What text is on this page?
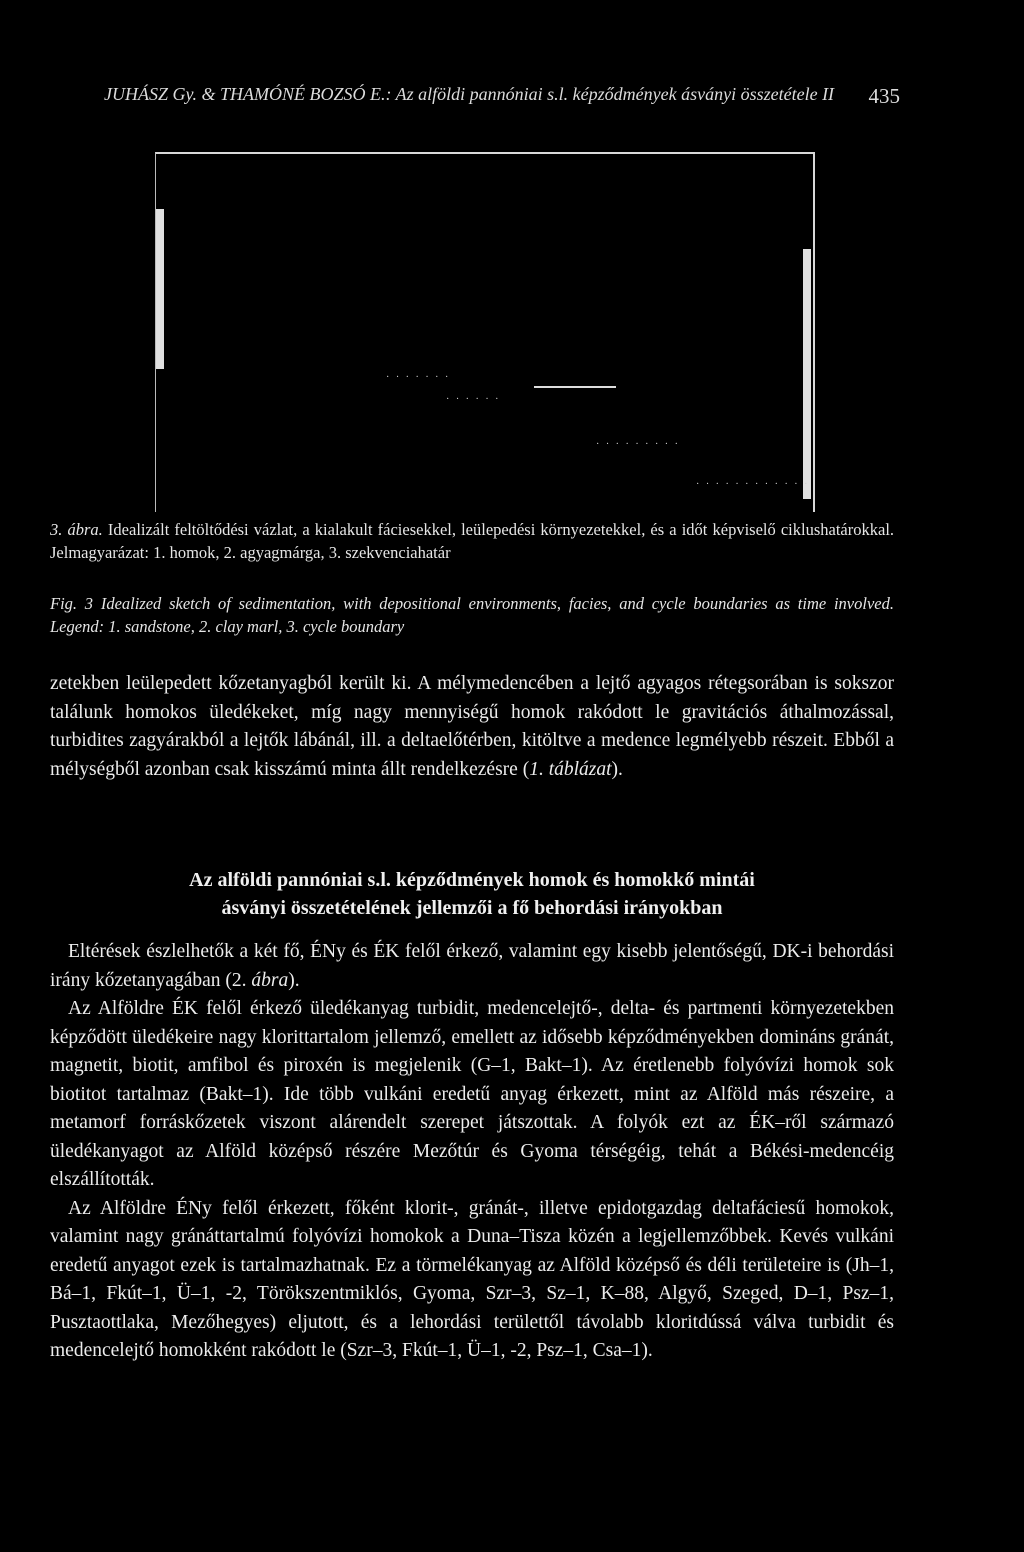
JUHÁSZ Gy. & THAMÓNÉ BOZSÓ E.: Az alföldi pannóniai s.l. képződmények ásványi összetétele II 435
· · · · · · ·
· · · · · ·
· · · · · · · · ·
· · · · · · · · · · · ·
3. ábra. Idealizált feltöltődési vázlat, a kialakult fáciesekkel, leülepedési környezetekkel, és a időt képviselő ciklushatárokkal. Jelmagyarázat: 1. homok, 2. agyagmárga, 3. szekvenciahatár
Fig. 3 Idealized sketch of sedimentation, with depositional environments, facies, and cycle boundaries as time involved. Legend: 1. sandstone, 2. clay marl, 3. cycle boundary
zetekben leülepedett kőzetanyagból került ki. A mélymedencében a lejtő agyagos rétegsorában is sokszor találunk homokos üledékeket, míg nagy mennyiségű homok rakódott le gravitációs áthalmozással, turbidites zagyárakból a lejtők lábánál, ill. a deltaelőtérben, kitöltve a medence legmélyebb részeit. Ebből a mélységből azonban csak kisszámú minta állt rendelkezésre (1. táblázat).
Az alföldi pannóniai s.l. képződmények homok és homokkő mintái
ásványi összetételének jellemzői a fő behordási irányokban

Eltérések észlelhetők a két fő, ÉNy és ÉK felől érkező, valamint egy kisebb jelentőségű, DK-i behordási irány kőzetanyagában (2. ábra).

Az Alföldre ÉK felől érkező üledékanyag turbidit, medencelejtő-, delta- és partmenti környezetekben képződött üledékeire nagy klorittartalom jellemző, emellett az idősebb képződményekben domináns gránát, magnetit, biotit, amfibol és piroxén is megjelenik (G–1, Bakt–1). Az éretlenebb folyóvízi homok sok biotitot tartalmaz (Bakt–1). Ide több vulkáni eredetű anyag érkezett, mint az Alföld más részeire, a metamorf forráskőzetek viszont alárendelt szerepet játszottak. A folyók ezt az ÉK–ről származó üledékanyagot az Alföld középső részére Mezőtúr és Gyoma térségéig, tehát a Békési-medencéig elszállították.

Az Alföldre ÉNy felől érkezett, főként klorit-, gránát-, illetve epidotgazdag deltafáciesű homokok, valamint nagy gránáttartalmú folyóvízi homokok a Duna–Tisza közén a legjellemzőbbek. Kevés vulkáni eredetű anyagot ezek is tartalmazhatnak. Ez a törmelékanyag az Alföld középső és déli területeire is (Jh–1, Bá–1, Fkút–1, Ü–1, -2, Törökszentmiklós, Gyoma, Szr–3, Sz–1, K–88, Algyő, Szeged, D–1, Psz–1, Pusztaottlaka, Mezőhegyes) eljutott, és a lehordási területtől távolabb kloritdússá válva turbidit és medencelejtő homokként rakódott le (Szr–3, Fkút–1, Ü–1, -2, Psz–1, Csa–1).
